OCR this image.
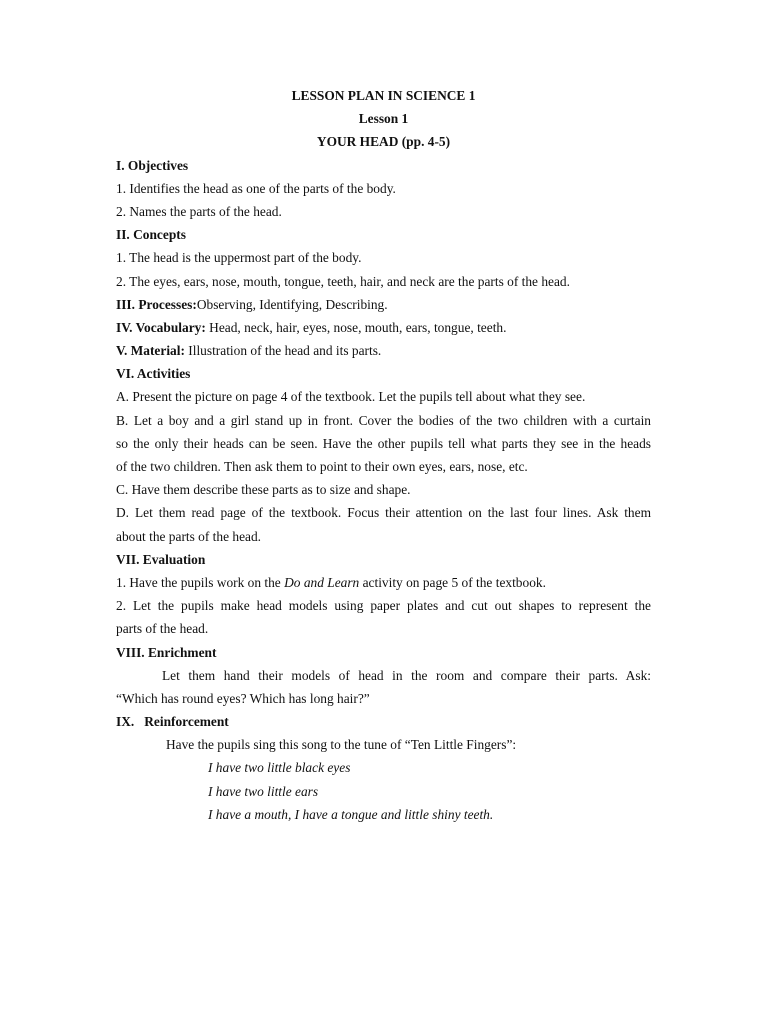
LESSON PLAN IN SCIENCE 1
Lesson 1
YOUR HEAD (pp. 4-5)
I. Objectives
1. Identifies the head as one of the parts of the body.
2. Names the parts of the head.
II. Concepts
1. The head is the uppermost part of the body.
2. The eyes, ears, nose, mouth, tongue, teeth, hair, and neck are the parts of the head.
III. Processes:Observing, Identifying, Describing.
IV. Vocabulary: Head, neck, hair, eyes, nose, mouth, ears, tongue, teeth.
V. Material: Illustration of the head and its parts.
VI. Activities
A. Present the picture on page 4 of the textbook. Let the pupils tell about what they see.
B. Let a boy and a girl stand up in front. Cover the bodies of the two children with a curtain
so the only their heads can be seen. Have the other pupils tell what parts they see in the heads
of the two children. Then ask them to point to their own eyes, ears, nose, etc.
C. Have them describe these parts as to size and shape.
D. Let them read page of the textbook. Focus their attention on the last four lines. Ask them
about the parts of the head.
VII. Evaluation
1. Have the pupils work on the Do and Learn activity on page 5 of the textbook.
2. Let the pupils make head models using paper plates and cut out shapes to represent the
parts of the head.
VIII. Enrichment
Let them hand their models of head in the room and compare their parts. Ask:
“Which has round eyes? Which has long hair?”
IX. Reinforcement
Have the pupils sing this song to the tune of “Ten Little Fingers”:
I have two little black eyes
I have two little ears
I have a mouth, I have a tongue and little shiny teeth.
